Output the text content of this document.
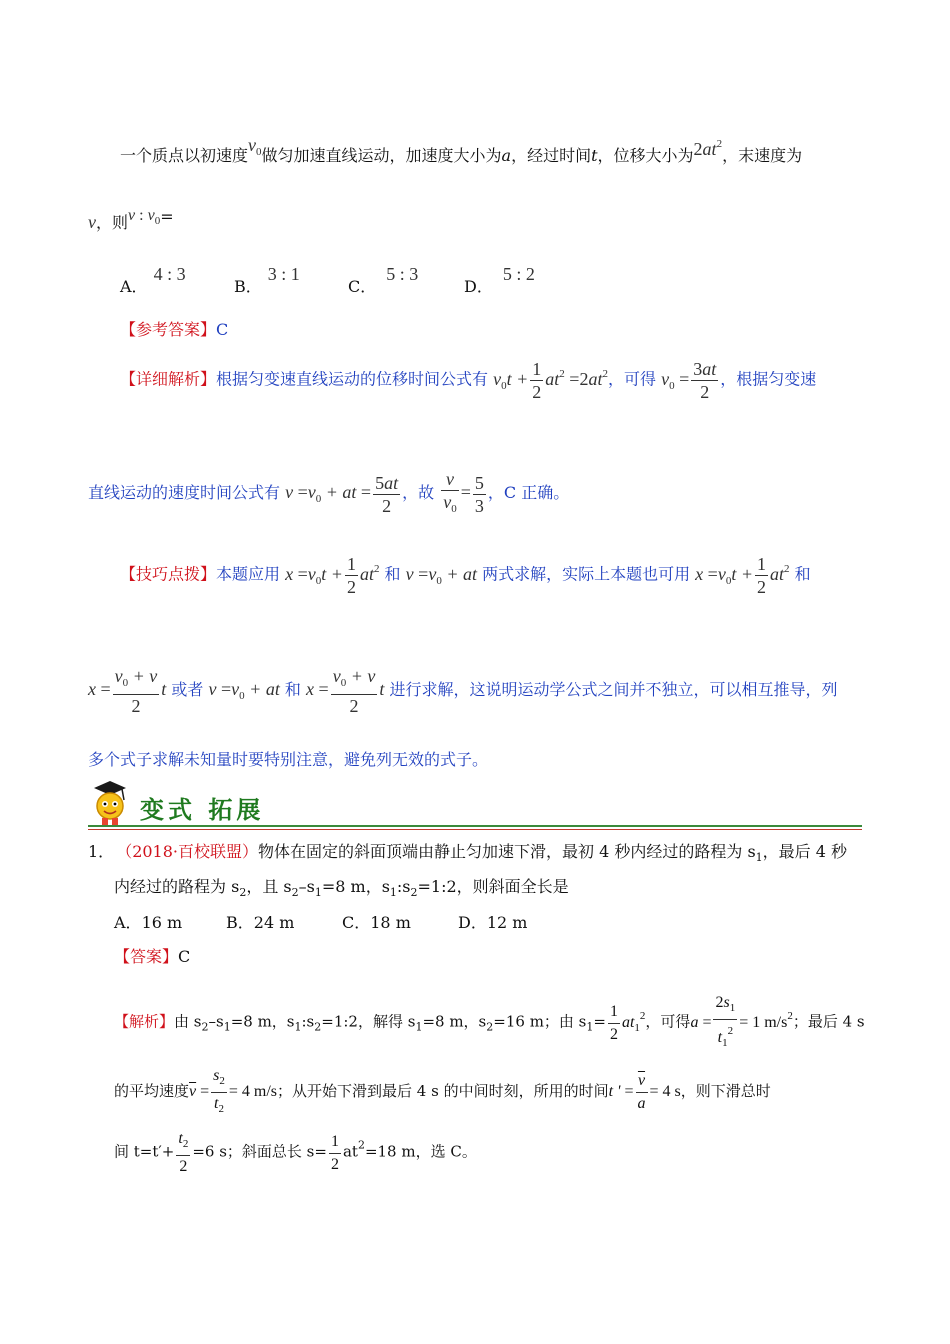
一个质点以初速度$v_0$做匀加速直线运动，加速度大小为a，经过时间t，位移大小为$2at^2$，末速度为
v，则v : $v_0=$
A．4 : 3
B．3 : 1
C．5 : 3
D．5 : 2
【参考答案】C
【详细解析】根据匀变速直线运动的位移时间公式有 $v_0t + \frac{1}{2} at^2 =2at^2$，可得 $v_0 = \frac{3at}{2}$ ，根据匀变速
直线运动的速度时间公式有 $v =v_0$ + at = $\frac{5at}{2}$ ，故 $\frac{v}{v_0} = \frac{5}{3}$ ，C 正确。
【技巧点拨】本题应用 $x =v_0t + \frac{1}{2} at^2$ 和 $v =v_0$ + at 两式求解，实际上本题也可用 $x =v_0t + \frac{1}{2} at^2$ 和
$x = \frac{v_0 + v}{2}$ t 或者 $v =v_0$ + at 和 $x = \frac{v_0 + v}{2}$ t 进行求解，这说明运动学公式之间并不独立，可以相互推导，列
多个式子求解未知量时要特别注意，避免列无效的式子。
变式 拓展
1． （2018·百校联盟）物体在固定的斜面顶端由静止匀加速下滑，最初 4 秒内经过的路程为 $s_1$，最后 4 秒
内经过的路程为 $s_2$，且 $s_2-s_1=8$ m，$s_1:s_2=1:2$，则斜面全长是
A．16 m	B．24 m	C．18 m	D．12 m
【答案】C
【解析】由 $s_2-s_1=8$ m，$s_1:s_2=1:2$，解得 $s_1=8$ m，$s_2=16$ m；由 $s_1= \frac{1}{2} at_1^2$，可得$a = \frac{2s_1}{t_1^2} = 1$ $m/s^2$；最后 4 s
的平均速度$\overline{v} = \frac{s_2}{t_2} = 4$ m/s；从开始下滑到最后 4 s 的中间时刻，所用的时间t ' = $\frac{\overline{v}}{a} = 4$ s，则下滑总时
间 $t=t'+ \frac{t_2}{2} =6$ s；斜面总长 $s= \frac{1}{2} at^2=18$ m，选 C。
